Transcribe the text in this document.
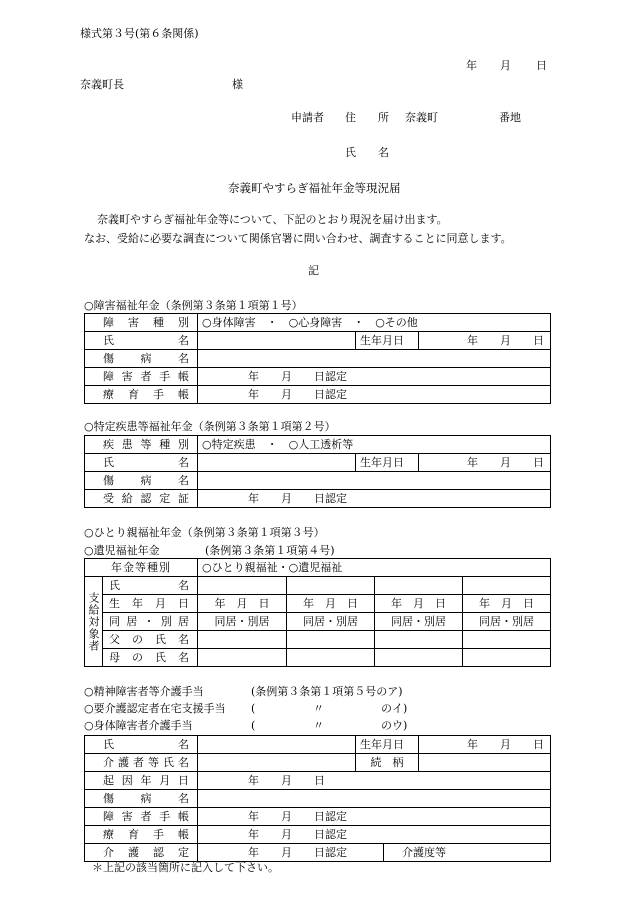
様式第３号(第６条関係)
年 月 日
奈義町長	様
申請者 住　　所 奈義町	番地
氏　　名
奈義町やすらぎ福祉年金等現況届
奈義町やすらぎ福祉年金等について、下記のとおり現況を届け出ます。
なお、受給に必要な調査について関係官署に問い合わせ、調査することに同意します。
記
○障害福祉年金（条例第３条第１項第１号）
障害種別	○身体障害　・　○心身障害　・　○その他		
氏名		生年月日	年　　月　　日
傷病名			
障害者手帳	年　　月　　日認定		
療育手帳	年　　月　　日認定		
○特定疾患等福祉年金（条例第３条第１項第２号）
疾患等種別	○特定疾患　・　○人工透析等		
氏名		生年月日	年　　月　　日
傷病名			
受給認定証	年　　月　　日認定		
○ひとり親福祉年金（条例第３条第１項第３号）
○遺児福祉年金	(条例第３条第１項第４号)
年金等種別		○ひとり親福祉・○遺児福祉			
支給対象者	氏名				
	生年月日	年　月　日	年　月　日	年　月　日	年　月　日
	同居・別居	同居・別居	同居・別居	同居・別居	同居・別居
	父の氏名				
	母の氏名				
○精神障害者等介護手当	(条例第３条第１項第５号のア)
○要介護認定者在宅支援手当 (	〃	のイ)
○身体障害者介護手当	(	〃	のウ)
氏名		生年月日		年　　月　　日
介護者等氏名		続　柄		
起因年月日	年　　月　　日			
傷病名				
障害者手帳	年　　月　　日認定			
療育手帳	年　　月　　日認定			
介護認定	年　　月　　日認定		介護度等	
＊上記の該当箇所に記入して下さい。
